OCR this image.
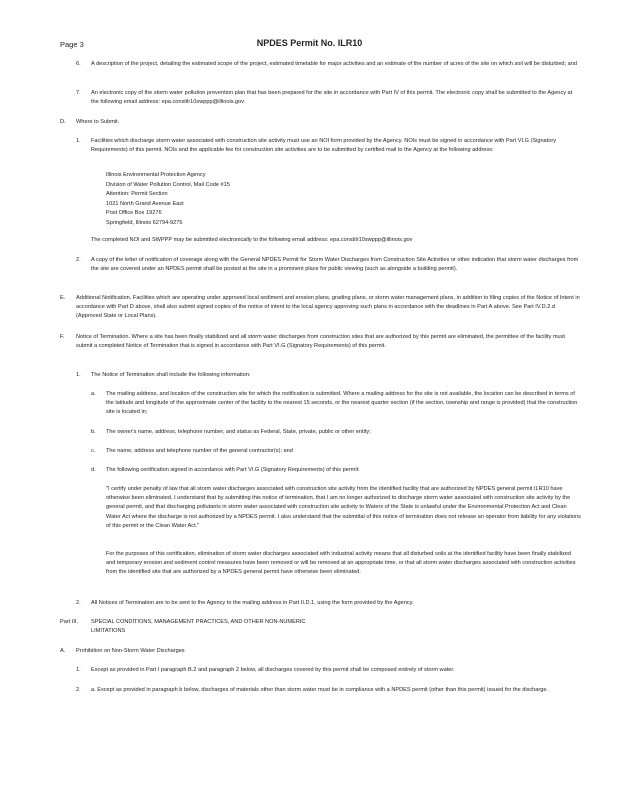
Page 3	NPDES Permit No. ILR10
6. A description of the project, detailing the estimated scope of the project, estimated timetable for major activities and an estimate of the number of acres of the site on which soil will be disturbed; and
7. An electronic copy of the storm water pollution prevention plan that has been prepared for the site in accordance with Part IV of this permit. The electronic copy shall be submitted to the Agency at the following email address: epa.constilr10swppp@illinois.gov
D. Where to Submit.
1. Facilities which discharge storm water associated with construction site activity must use an NOI form provided by the Agency. NOIs must be signed in accordance with Part VI.G (Signatory Requirements) of this permit. NOIs and the applicable fee for construction site activities are to be submitted by certified mail to the Agency at the following address:
Illinois Environmental Protection Agency
Division of Water Pollution Control, Mail Code #15
Attention: Permit Section
1021 North Grand Avenue East
Post Office Box 19276
Springfield, Illinois 62794-9276
The completed NOI and SWPPP may be submitted electronically to the following email address: epa.constilr10swppp@illinois.gov
2. A copy of the letter of notification of coverage along with the General NPDES Permit for Storm Water Discharges from Construction Site Activities or other indication that storm water discharges from the site are covered under an NPDES permit shall be posted at the site in a prominent place for public viewing (such as alongside a building permit).
E. Additional Notification. Facilities which are operating under approved local sediment and erosion plans, grading plans, or storm water management plans, in addition to filing copies of the Notice of Intent in accordance with Part D above, shall also submit signed copies of the notice of intent to the local agency approving such plans in accordance with the deadlines in Part A above. See Part IV.D.2.d (Approved State or Local Plans).
F. Notice of Termination. Where a site has been finally stabilized and all storm water discharges from construction sites that are authorized by this permit are eliminated, the permittee of the facility must submit a completed Notice of Termination that is signed in accordance with Part VI.G (Signatory Requirements) of this permit.
1. The Notice of Termination shall include the following information:
a. The mailing address, and location of the construction site for which the notification is submitted. Where a mailing address for the site is not available, the location can be described in terms of the latitude and longitude of the approximate center of the facility to the nearest 15 seconds, or the nearest quarter section (if the section, township and range is provided) that the construction site is located in;
b. The owner's name, address, telephone number, and status as Federal, State, private, public or other entity;
c. The name, address and telephone number of the general contractor(s); and
d. The following certification signed in accordance with Part VI.G (Signatory Requirements) of this permit:
"I certify under penalty of law that all storm water discharges associated with construction site activity from the identified facility that are authorized by NPDES general permit ILR10 have otherwise been eliminated. I understand that by submitting this notice of termination, that I am no longer authorized to discharge storm water associated with construction site activity by the general permit, and that discharging pollutants in storm water associated with construction site activity to Waters of the State is unlawful under the Environmental Protection Act and Clean Water Act where the discharge is not authorized by a NPDES permit. I also understand that the submittal of this notice of termination does not release an operator from liability for any violations of this permit or the Clean Water Act."
For the purposes of this certification, elimination of storm water discharges associated with industrial activity means that all disturbed soils at the identified facility have been finally stabilized and temporary erosion and sediment control measures have been removed or will be removed at an appropriate time, or that all storm water discharges associated with construction activities from the identified site that are authorized by a NPDES general permit have otherwise been eliminated.
2. All Notices of Termination are to be sent to the Agency to the mailing address in Part II.D.1, using the form provided by the Agency.
Part III. SPECIAL CONDITIONS, MANAGEMENT PRACTICES, AND OTHER NON-NUMERIC LIMITATIONS
A. Prohibition on Non-Storm Water Discharges
1. Except as provided in Part I paragraph B.2 and paragraph 2 below, all discharges covered by this permit shall be composed entirely of storm water.
2. a. Except as provided in paragraph b below, discharges of materials other than storm water must be in compliance with a NPDES permit (other than this permit) issued for the discharge.
